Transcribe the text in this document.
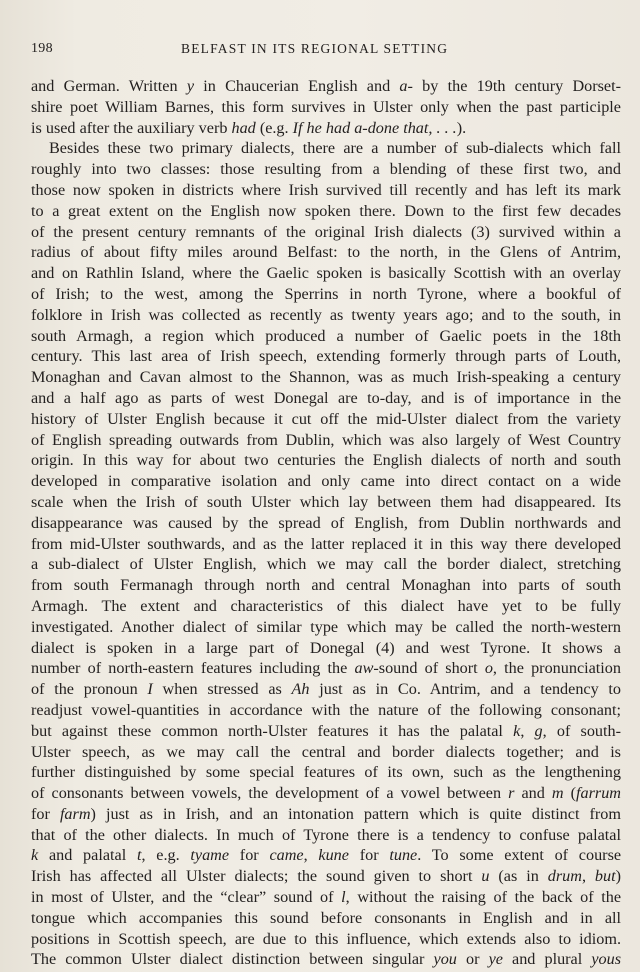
198	BELFAST IN ITS REGIONAL SETTING
and German. Written y in Chaucerian English and a- by the 19th century Dorset-
shire poet William Barnes, this form survives in Ulster only when the past participle
is used after the auxiliary verb had (e.g. If he had a-done that, . . .).
Besides these two primary dialects, there are a number of sub-dialects which fall
roughly into two classes: those resulting from a blending of these first two, and
those now spoken in districts where Irish survived till recently and has left its mark
to a great extent on the English now spoken there. Down to the first few decades
of the present century remnants of the original Irish dialects (3) survived within a
radius of about fifty miles around Belfast: to the north, in the Glens of Antrim,
and on Rathlin Island, where the Gaelic spoken is basically Scottish with an overlay
of Irish; to the west, among the Sperrins in north Tyrone, where a bookful of
folklore in Irish was collected as recently as twenty years ago; and to the south, in
south Armagh, a region which produced a number of Gaelic poets in the 18th
century. This last area of Irish speech, extending formerly through parts of Louth,
Monaghan and Cavan almost to the Shannon, was as much Irish-speaking a century
and a half ago as parts of west Donegal are to-day, and is of importance in the
history of Ulster English because it cut off the mid-Ulster dialect from the variety
of English spreading outwards from Dublin, which was also largely of West Country
origin. In this way for about two centuries the English dialects of north and south
developed in comparative isolation and only came into direct contact on a wide
scale when the Irish of south Ulster which lay between them had disappeared. Its
disappearance was caused by the spread of English, from Dublin northwards and
from mid-Ulster southwards, and as the latter replaced it in this way there developed
a sub-dialect of Ulster English, which we may call the border dialect, stretching
from south Fermanagh through north and central Monaghan into parts of south
Armagh. The extent and characteristics of this dialect have yet to be fully
investigated. Another dialect of similar type which may be called the north-western
dialect is spoken in a large part of Donegal (4) and west Tyrone. It shows a
number of north-eastern features including the aw-sound of short o, the pronunciation
of the pronoun I when stressed as Ah just as in Co. Antrim, and a tendency to
readjust vowel-quantities in accordance with the nature of the following consonant;
but against these common north-Ulster features it has the palatal k, g, of south-
Ulster speech, as we may call the central and border dialects together; and is
further distinguished by some special features of its own, such as the lengthening
of consonants between vowels, the development of a vowel between r and m (farrum
for farm) just as in Irish, and an intonation pattern which is quite distinct from
that of the other dialects. In much of Tyrone there is a tendency to confuse palatal
k and palatal t, e.g. tyame for came, kune for tune. To some extent of course
Irish has affected all Ulster dialects; the sound given to short u (as in drum, but)
in most of Ulster, and the “clear” sound of l, without the raising of the back of the
tongue which accompanies this sound before consonants in English and in all
positions in Scottish speech, are due to this influence, which extends also to idiom.
The common Ulster dialect distinction between singular you or ye and plural yous
